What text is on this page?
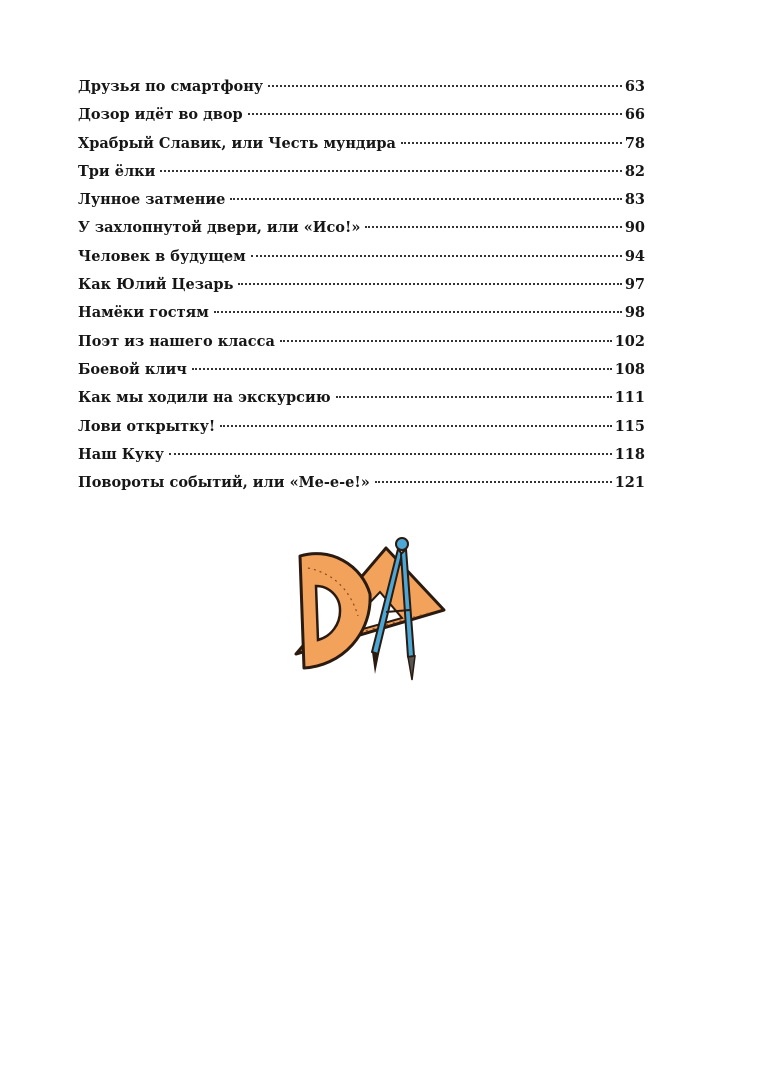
Друзья по смартфону	63
Дозор идёт во двор	66
Храбрый Славик, или Честь мундира	78
Три ёлки	82
Лунное затмение	83
У захлопнутой двери, или «Исо!»	90
Человек в будущем	94
Как Юлий Цезарь	97
Намёки гостям	98
Поэт из нашего класса	102
Боевой клич	108
Как мы ходили на экскурсию	111
Лови открытку!	115
Наш Куку	118
Повороты событий, или «Ме-е-е!»	121
